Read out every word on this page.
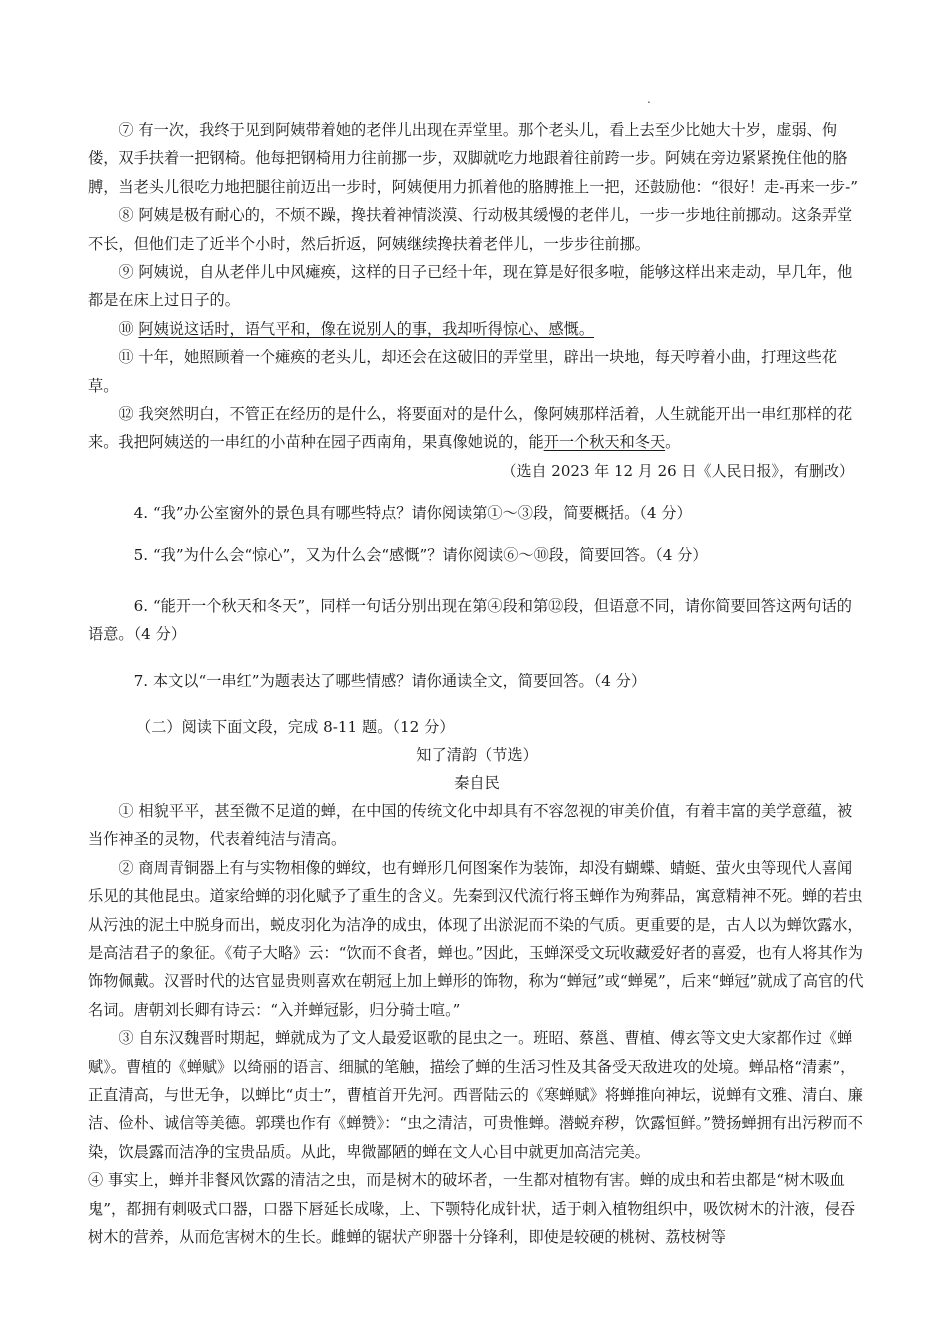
.

⑦ 有一次，我终于见到阿姨带着她的老伴儿出现在弄堂里。那个老头儿，看上去至少比她大十岁，虚弱、佝偻，双手扶着一把钢椅。他每把钢椅用力往前挪一步，双脚就吃力地跟着往前跨一步。阿姨在旁边紧紧挽住他的胳膊，当老头儿很吃力地把腿往前迈出一步时，阿姨便用力抓着他的胳膊推上一把，还鼓励他：“很好！走-再来一步-”

⑧ 阿姨是极有耐心的，不烦不躁，搀扶着神情淡漠、行动极其缓慢的老伴儿，一步一步地往前挪动。这条弄堂不长，但他们走了近半个小时，然后折返，阿姨继续搀扶着老伴儿，一步步往前挪。

⑨ 阿姨说，自从老伴儿中风瘫痪，这样的日子已经十年，现在算是好很多啦，能够这样出来走动，早几年，他都是在床上过日子的。

⑩ 阿姨说这话时，语气平和，像在说别人的事，我却听得惊心、感慨。

⑪ 十年，她照顾着一个瘫痪的老头儿，却还会在这破旧的弄堂里，辟出一块地，每天哼着小曲，打理这些花草。

⑫ 我突然明白，不管正在经历的是什么，将要面对的是什么，像阿姨那样活着，人生就能开出一串红那样的花来。我把阿姨送的一串红的小苗种在园子西南角，果真像她说的，能开一个秋天和冬天。

（选自 2023 年 12 月 26 日《人民日报》，有删改）

4. “我”办公室窗外的景色具有哪些特点？请你阅读第①～③段，简要概括。（4 分）

5. “我”为什么会“惊心”，又为什么会“感慨”？请你阅读⑥～⑩段，简要回答。（4 分）

6. “能开一个秋天和冬天”，同样一句话分别出现在第④段和第⑫段，但语意不同，请你简要回答这两句话的语意。（4 分）

7. 本文以“一串红”为题表达了哪些情感？请你通读全文，简要回答。（4 分）

（二）阅读下面文段，完成 8-11 题。（12 分）

知了清韵（节选）

秦自民

① 相貌平平，甚至微不足道的蝉，在中国的传统文化中却具有不容忽视的审美价值，有着丰富的美学意蕴，被当作神圣的灵物，代表着纯洁与清高。

② 商周青铜器上有与实物相像的蝉纹，也有蝉形几何图案作为装饰，却没有蝴蝶、蜻蜓、萤火虫等现代人喜闻乐见的其他昆虫。道家给蝉的羽化赋予了重生的含义。先秦到汉代流行将玉蝉作为殉葬品，寓意精神不死。蝉的若虫从污浊的泥土中脱身而出，蜕皮羽化为洁净的成虫，体现了出淤泥而不染的气质。更重要的是，古人以为蝉饮露水，是高洁君子的象征。《荀子大略》云：“饮而不食者，蝉也。”因此，玉蝉深受文玩收藏爱好者的喜爱，也有人将其作为饰物佩戴。汉晋时代的达官显贵则喜欢在朝冠上加上蝉形的饰物，称为“蝉冠”或“蝉冕”，后来“蝉冠”就成了高官的代名词。唐朝刘长卿有诗云：“入并蝉冠影，归分骑士喧。”

③ 自东汉魏晋时期起，蝉就成为了文人最爱讴歌的昆虫之一。班昭、蔡邕、曹植、傅玄等文史大家都作过《蝉赋》。曹植的《蝉赋》以绮丽的语言、细腻的笔触，描绘了蝉的生活习性及其备受天敌进攻的处境。蝉品格“清素”，正直清高，与世无争，以蝉比“贞士”，曹植首开先河。西晋陆云的《寒蝉赋》将蝉推向神坛，说蝉有文雅、清白、廉洁、俭朴、诚信等美德。郭璞也作有《蝉赞》：“虫之清洁，可贵惟蝉。潜蜕弃秽，饮露恒鲜。”赞扬蝉拥有出污秽而不染，饮晨露而洁净的宝贵品质。从此，卑微鄙陋的蝉在文人心目中就更加高洁完美。

④ 事实上，蝉并非餐风饮露的清洁之虫，而是树木的破坏者，一生都对植物有害。蝉的成虫和若虫都是“树木吸血鬼”，都拥有刺吸式口器，口器下唇延长成喙，上、下颚特化成针状，适于刺入植物组织中，吸饮树木的汁液，侵吞树木的营养，从而危害树木的生长。雌蝉的锯状产卵器十分锋利，即使是较硬的桃树、荔枝树等
